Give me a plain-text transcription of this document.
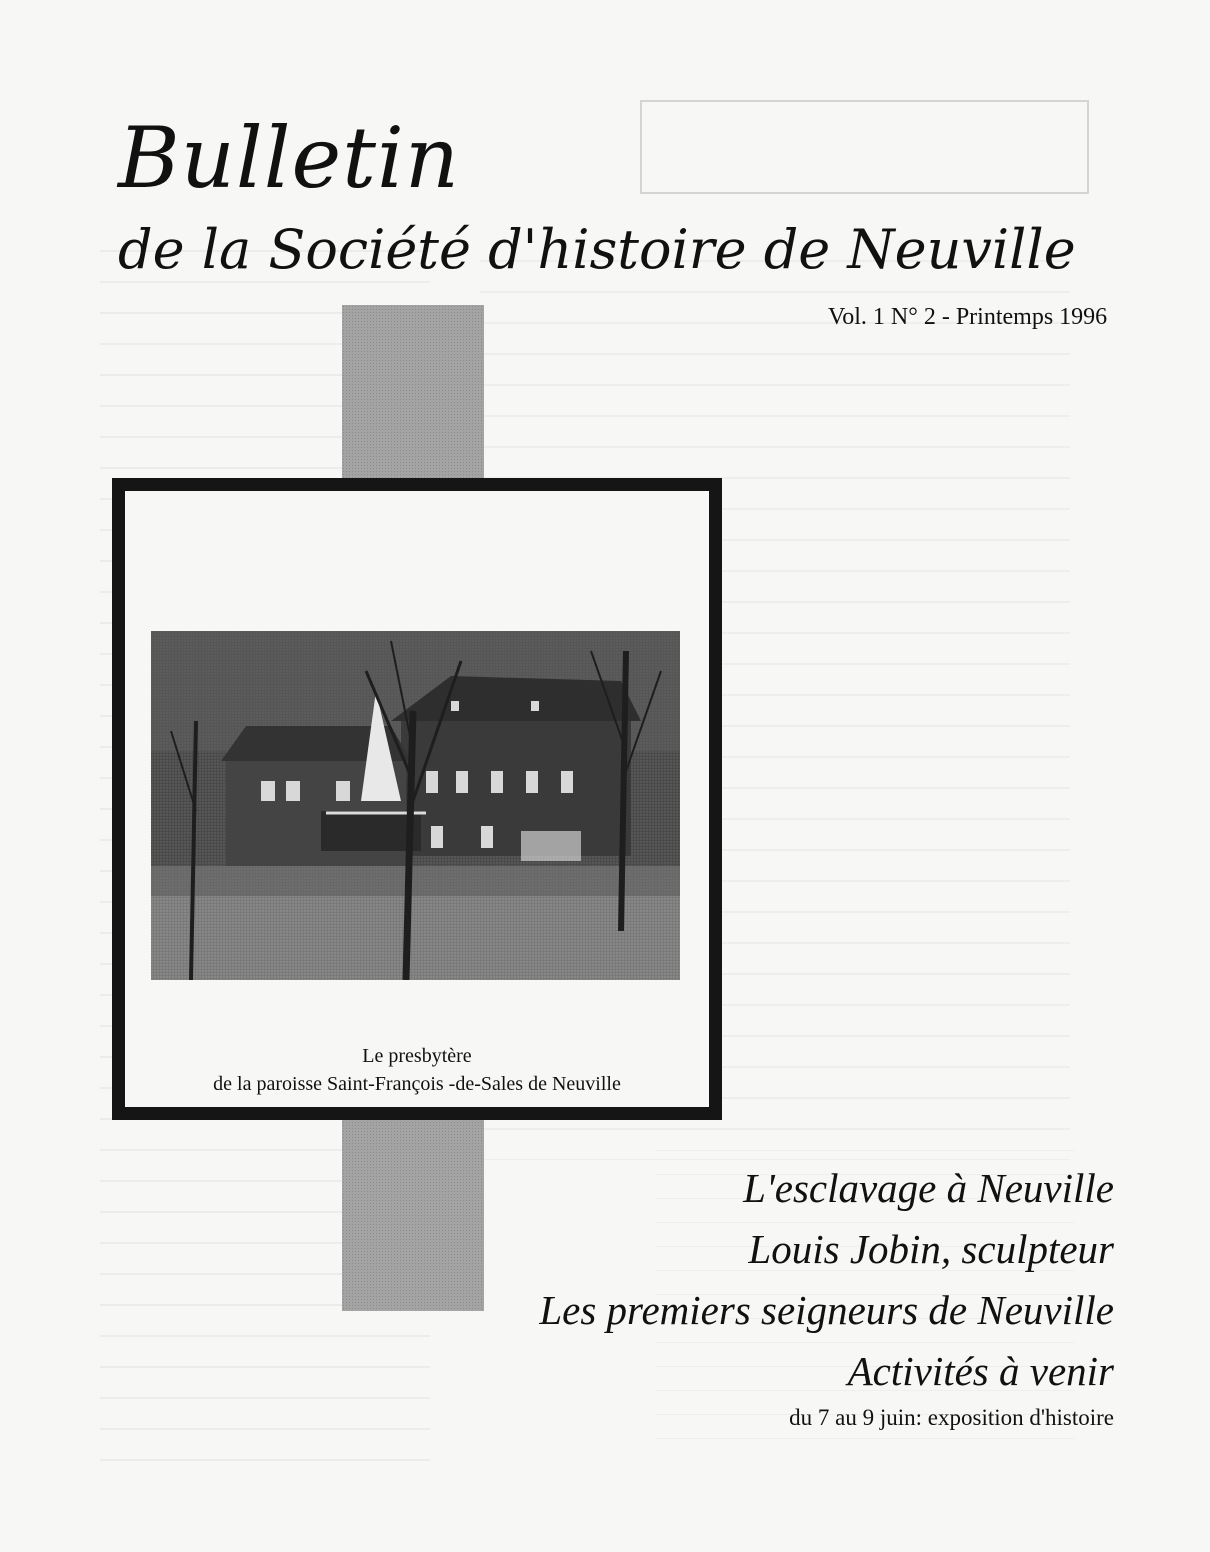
Bulletin
de la Société d'histoire de Neuville
Vol. 1 N° 2 - Printemps 1996
Le presbytère
de la paroisse Saint-François -de-Sales de Neuville
L'esclavage à Neuville
Louis Jobin, sculpteur
Les premiers seigneurs de Neuville
Activités à venir
du 7 au 9 juin: exposition d'histoire
